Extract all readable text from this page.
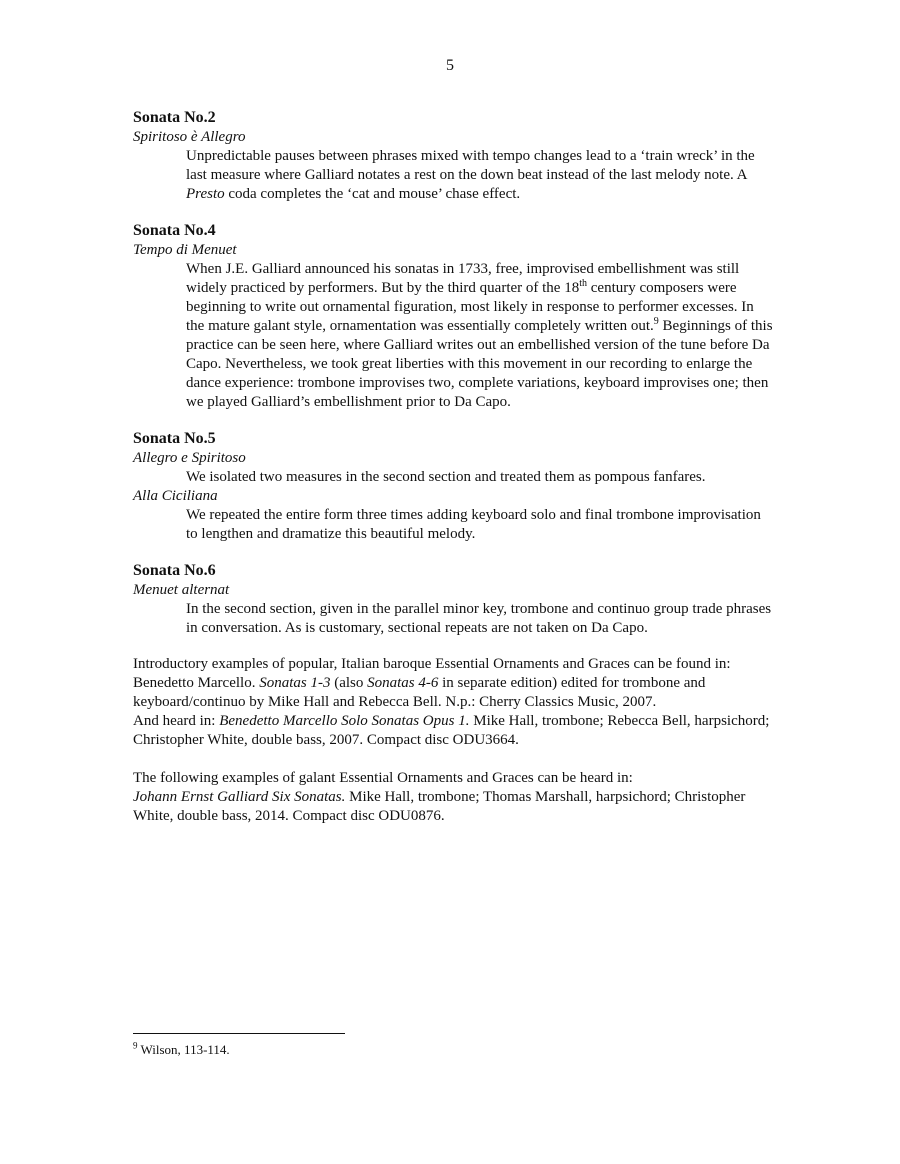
5

Sonata No.2

Spiritoso è Allegro

Unpredictable pauses between phrases mixed with tempo changes lead to a ‘train wreck’ in the last measure where Galliard notates a rest on the down beat instead of the last melody note. A Presto coda completes the ‘cat and mouse’ chase effect.

Sonata No.4

Tempo di Menuet

When J.E. Galliard announced his sonatas in 1733, free, improvised embellishment was still widely practiced by performers. But by the third quarter of the 18th century composers were beginning to write out ornamental figuration, most likely in response to performer excesses. In the mature galant style, ornamentation was essentially completely written out.$^9$ Beginnings of this practice can be seen here, where Galliard writes out an embellished version of the tune before Da Capo. Nevertheless, we took great liberties with this movement in our recording to enlarge the dance experience: trombone improvises two, complete variations, keyboard improvises one; then we played Galliard’s embellishment prior to Da Capo.

Sonata No.5

Allegro e Spiritoso

We isolated two measures in the second section and treated them as pompous fanfares.

Alla Ciciliana

We repeated the entire form three times adding keyboard solo and final trombone improvisation to lengthen and dramatize this beautiful melody.

Sonata No.6

Menuet alternat

In the second section, given in the parallel minor key, trombone and continuo group trade phrases in conversation. As is customary, sectional repeats are not taken on Da Capo.

Introductory examples of popular, Italian baroque Essential Ornaments and Graces can be found in: Benedetto Marcello. Sonatas 1-3 (also Sonatas 4-6 in separate edition) edited for trombone and keyboard/continuo by Mike Hall and Rebecca Bell. N.p.: Cherry Classics Music, 2007.
And heard in: Benedetto Marcello Solo Sonatas Opus 1. Mike Hall, trombone; Rebecca Bell, harpsichord; Christopher White, double bass, 2007. Compact disc ODU3664.

The following examples of galant Essential Ornaments and Graces can be heard in:
Johann Ernst Galliard Six Sonatas. Mike Hall, trombone; Thomas Marshall, harpsichord; Christopher White, double bass, 2014. Compact disc ODU0876.

$^9$ Wilson, 113-114.
